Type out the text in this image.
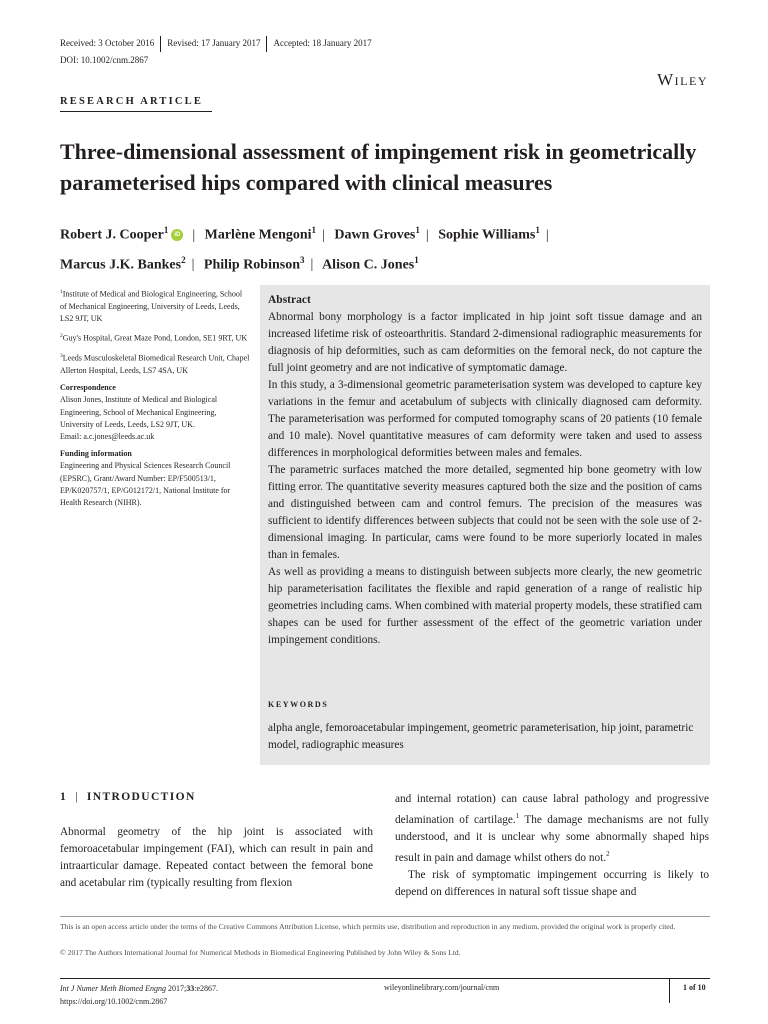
Received: 3 October 2016 Revised: 17 January 2017 Accepted: 18 January 2017
DOI: 10.1002/cnm.2867
Wiley
RESEARCH ARTICLE
Three-dimensional assessment of impingement risk in geometrically parameterised hips compared with clinical measures
Robert J. Cooper$^1$iD | Marlène Mengoni$^1$ | Dawn Groves$^1$ | Sophie Williams$^1$ |
Marcus J.K. Bankes$^2$ | Philip Robinson$^3$ | Alison C. Jones$^1$

$^1$Institute of Medical and Biological Engineering, School of Mechanical Engineering, University of Leeds, Leeds, LS2 9JT, UK

$^2$Guy's Hospital, Great Maze Pond, London, SE1 9RT, UK

$^3$Leeds Musculoskeletal Biomedical Research Unit, Chapel Allerton Hospital, Leeds, LS7 4SA, UK

Correspondence

Alison Jones, Institute of Medical and Biological Engineering, School of Mechanical Engineering, University of Leeds, Leeds, LS2 9JT, UK.

Email: a.c.jones@leeds.ac.uk

Funding information

Engineering and Physical Sciences Research Council (EPSRC), Grant/Award Number: EP/F500513/1, EP/K020757/1, EP/G012172/1, National Institute for Health Research (NIHR).

Abstract

Abnormal bony morphology is a factor implicated in hip joint soft tissue damage and an increased lifetime risk of osteoarthritis. Standard 2-dimensional radiographic measurements for diagnosis of hip deformities, such as cam deformities on the femoral neck, do not capture the full joint geometry and are not indicative of symptomatic damage.

In this study, a 3-dimensional geometric parameterisation system was developed to capture key variations in the femur and acetabulum of subjects with clinically diagnosed cam deformity. The parameterisation was performed for computed tomography scans of 20 patients (10 female and 10 male). Novel quantitative measures of cam deformity were taken and used to assess differences in morphological deformities between males and females.

The parametric surfaces matched the more detailed, segmented hip bone geometry with low fitting error. The quantitative severity measures captured both the size and the position of cams and distinguished between cam and control femurs. The precision of the measures was sufficient to identify differences between subjects that could not be seen with the sole use of 2-dimensional imaging. In particular, cams were found to be more superiorly located in males than in females.

As well as providing a means to distinguish between subjects more clearly, the new geometric hip parameterisation facilitates the flexible and rapid generation of a range of realistic hip geometries including cams. When combined with material property models, these stratified cam shapes can be used for further assessment of the effect of the geometric variation under impingement conditions.

KEYWORDS
alpha angle, femoroacetabular impingement, geometric parameterisation, hip joint, parametric model, radiographic measures
1 | INTRODUCTION
Abnormal geometry of the hip joint is associated with femoroacetabular impingement (FAI), which can result in pain and intraarticular damage. Repeated contact between the femoral bone and acetabular rim (typically resulting from flexion

and internal rotation) can cause labral pathology and progressive delamination of cartilage.$^1$ The damage mechanisms are not fully understood, and it is unclear why some abnormally shaped hips result in pain and damage whilst others do not.$^2$

The risk of symptomatic impingement occurring is likely to depend on differences in natural soft tissue shape and

This is an open access article under the terms of the Creative Commons Attribution License, which permits use, distribution and reproduction in any medium, provided the original work is properly cited.
© 2017 The Authors International Journal for Numerical Methods in Biomedical Engineering Published by John Wiley & Sons Ltd.
Int J Numer Meth Biomed Engng 2017;33:e2867.
https://doi.org/10.1002/cnm.2867
wileyonlinelibrary.com/journal/cnm	1 of 10
